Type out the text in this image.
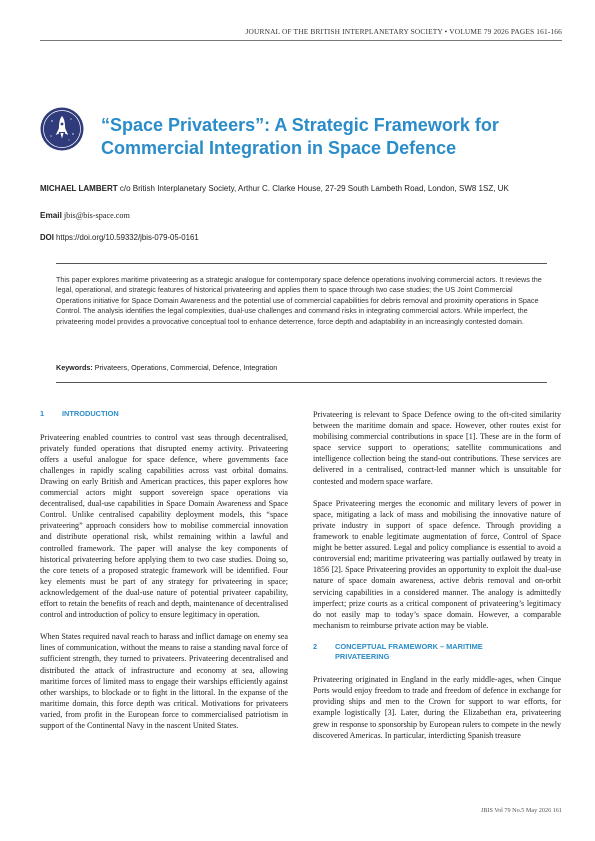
JOURNAL OF THE BRITISH INTERPLANETARY SOCIETY • VOLUME 79 2026 PAGES 161-166
“Space Privateers”: A Strategic Framework for
Commercial Integration in Space Defence
MICHAEL LAMBERT c/o British Interplanetary Society, Arthur C. Clarke House, 27-29 South Lambeth Road, London, SW8 1SZ, UK
Email jbis@bis-space.com
DOI https://doi.org/10.59332/jbis-079-05-0161
This paper explores maritime privateering as a strategic analogue for contemporary space defence operations involving commercial actors. It reviews the legal, operational, and strategic features of historical privateering and applies them to space through two case studies; the US Joint Commercial Operations initiative for Space Domain Awareness and the potential use of commercial capabilities for debris removal and proximity operations in Space Control. The analysis identifies the legal complexities, dual-use challenges and command risks in integrating commercial actors. While imperfect, the privateering model provides a provocative conceptual tool to enhance deterrence, force depth and adaptability in an increasingly contested domain.
Keywords: Privateers, Operations, Commercial, Defence, Integration
1	INTRODUCTION

Privateering enabled countries to control vast seas through decentralised, privately funded operations that disrupted enemy activity. Privateering offers a useful analogue for space defence, where governments face challenges in rapidly scaling capabilities across vast orbital domains. Drawing on early British and American practices, this paper explores how commercial actors might support sovereign space operations via decentralised, dual-use capabilities in Space Domain Awareness and Space Control. Unlike centralised capability deployment models, this “space privateering” approach considers how to mobilise commercial innovation and distribute operational risk, whilst remaining within a lawful and controlled framework. The paper will analyse the key components of historical privateering before applying them to two case studies. Doing so, the core tenets of a proposed strategic framework will be identified. Four key elements must be part of any strategy for privateering in space; acknowledgement of the dual-use nature of potential privateer capability, effort to retain the benefits of reach and depth, maintenance of decentralised control and introduction of policy to ensure legitimacy in operation.

When States required naval reach to harass and inflict damage on enemy sea lines of communication, without the means to raise a standing naval force of sufficient strength, they turned to privateers. Privateering decentralised and distributed the attack of infrastructure and economy at sea, allowing maritime forces of limited mass to engage their warships efficiently against other warships, to blockade or to fight in the littoral. In the expanse of the maritime domain, this force depth was critical. Motivations for privateers varied, from profit in the European force to commercialised patriotism in support of the Continental Navy in the nascent United States.

Privateering is relevant to Space Defence owing to the oft-cited similarity between the maritime domain and space. However, other routes exist for mobilising commercial contributions in space [1]. These are in the form of space service support to operations; satellite communications and intelligence collection being the stand-out contributions. These services are delivered in a centralised, contract-led manner which is unsuitable for contested and modern space warfare.

Space Privateering merges the economic and military levers of power in space, mitigating a lack of mass and mobilising the innovative nature of private industry in support of space defence. Through providing a framework to enable legitimate augmentation of force, Control of Space might be better assured. Legal and policy compliance is essential to avoid a controversial end; maritime privateering was partially outlawed by treaty in 1856 [2]. Space Privateering provides an opportunity to exploit the dual-use nature of space domain awareness, active debris removal and on-orbit servicing capabilities in a considered manner. The analogy is admittedly imperfect; prize courts as a critical component of privateering’s legitimacy do not easily map to today’s space domain. However, a comparable mechanism to reimburse private action may be viable.

2	CONCEPTUAL FRAMEWORK – MARITIME
PRIVATEERING

Privateering originated in England in the early middle-ages, when Cinque Ports would enjoy freedom to trade and freedom of defence in exchange for providing ships and men to the Crown for support to war efforts, for example logistically [3]. Later, during the Elizabethan era, privateering grew in response to sponsorship by European rulers to compete in the newly discovered Americas. In particular, interdicting Spanish treasure

JBIS Vol 79 No.5 May 2026 161
